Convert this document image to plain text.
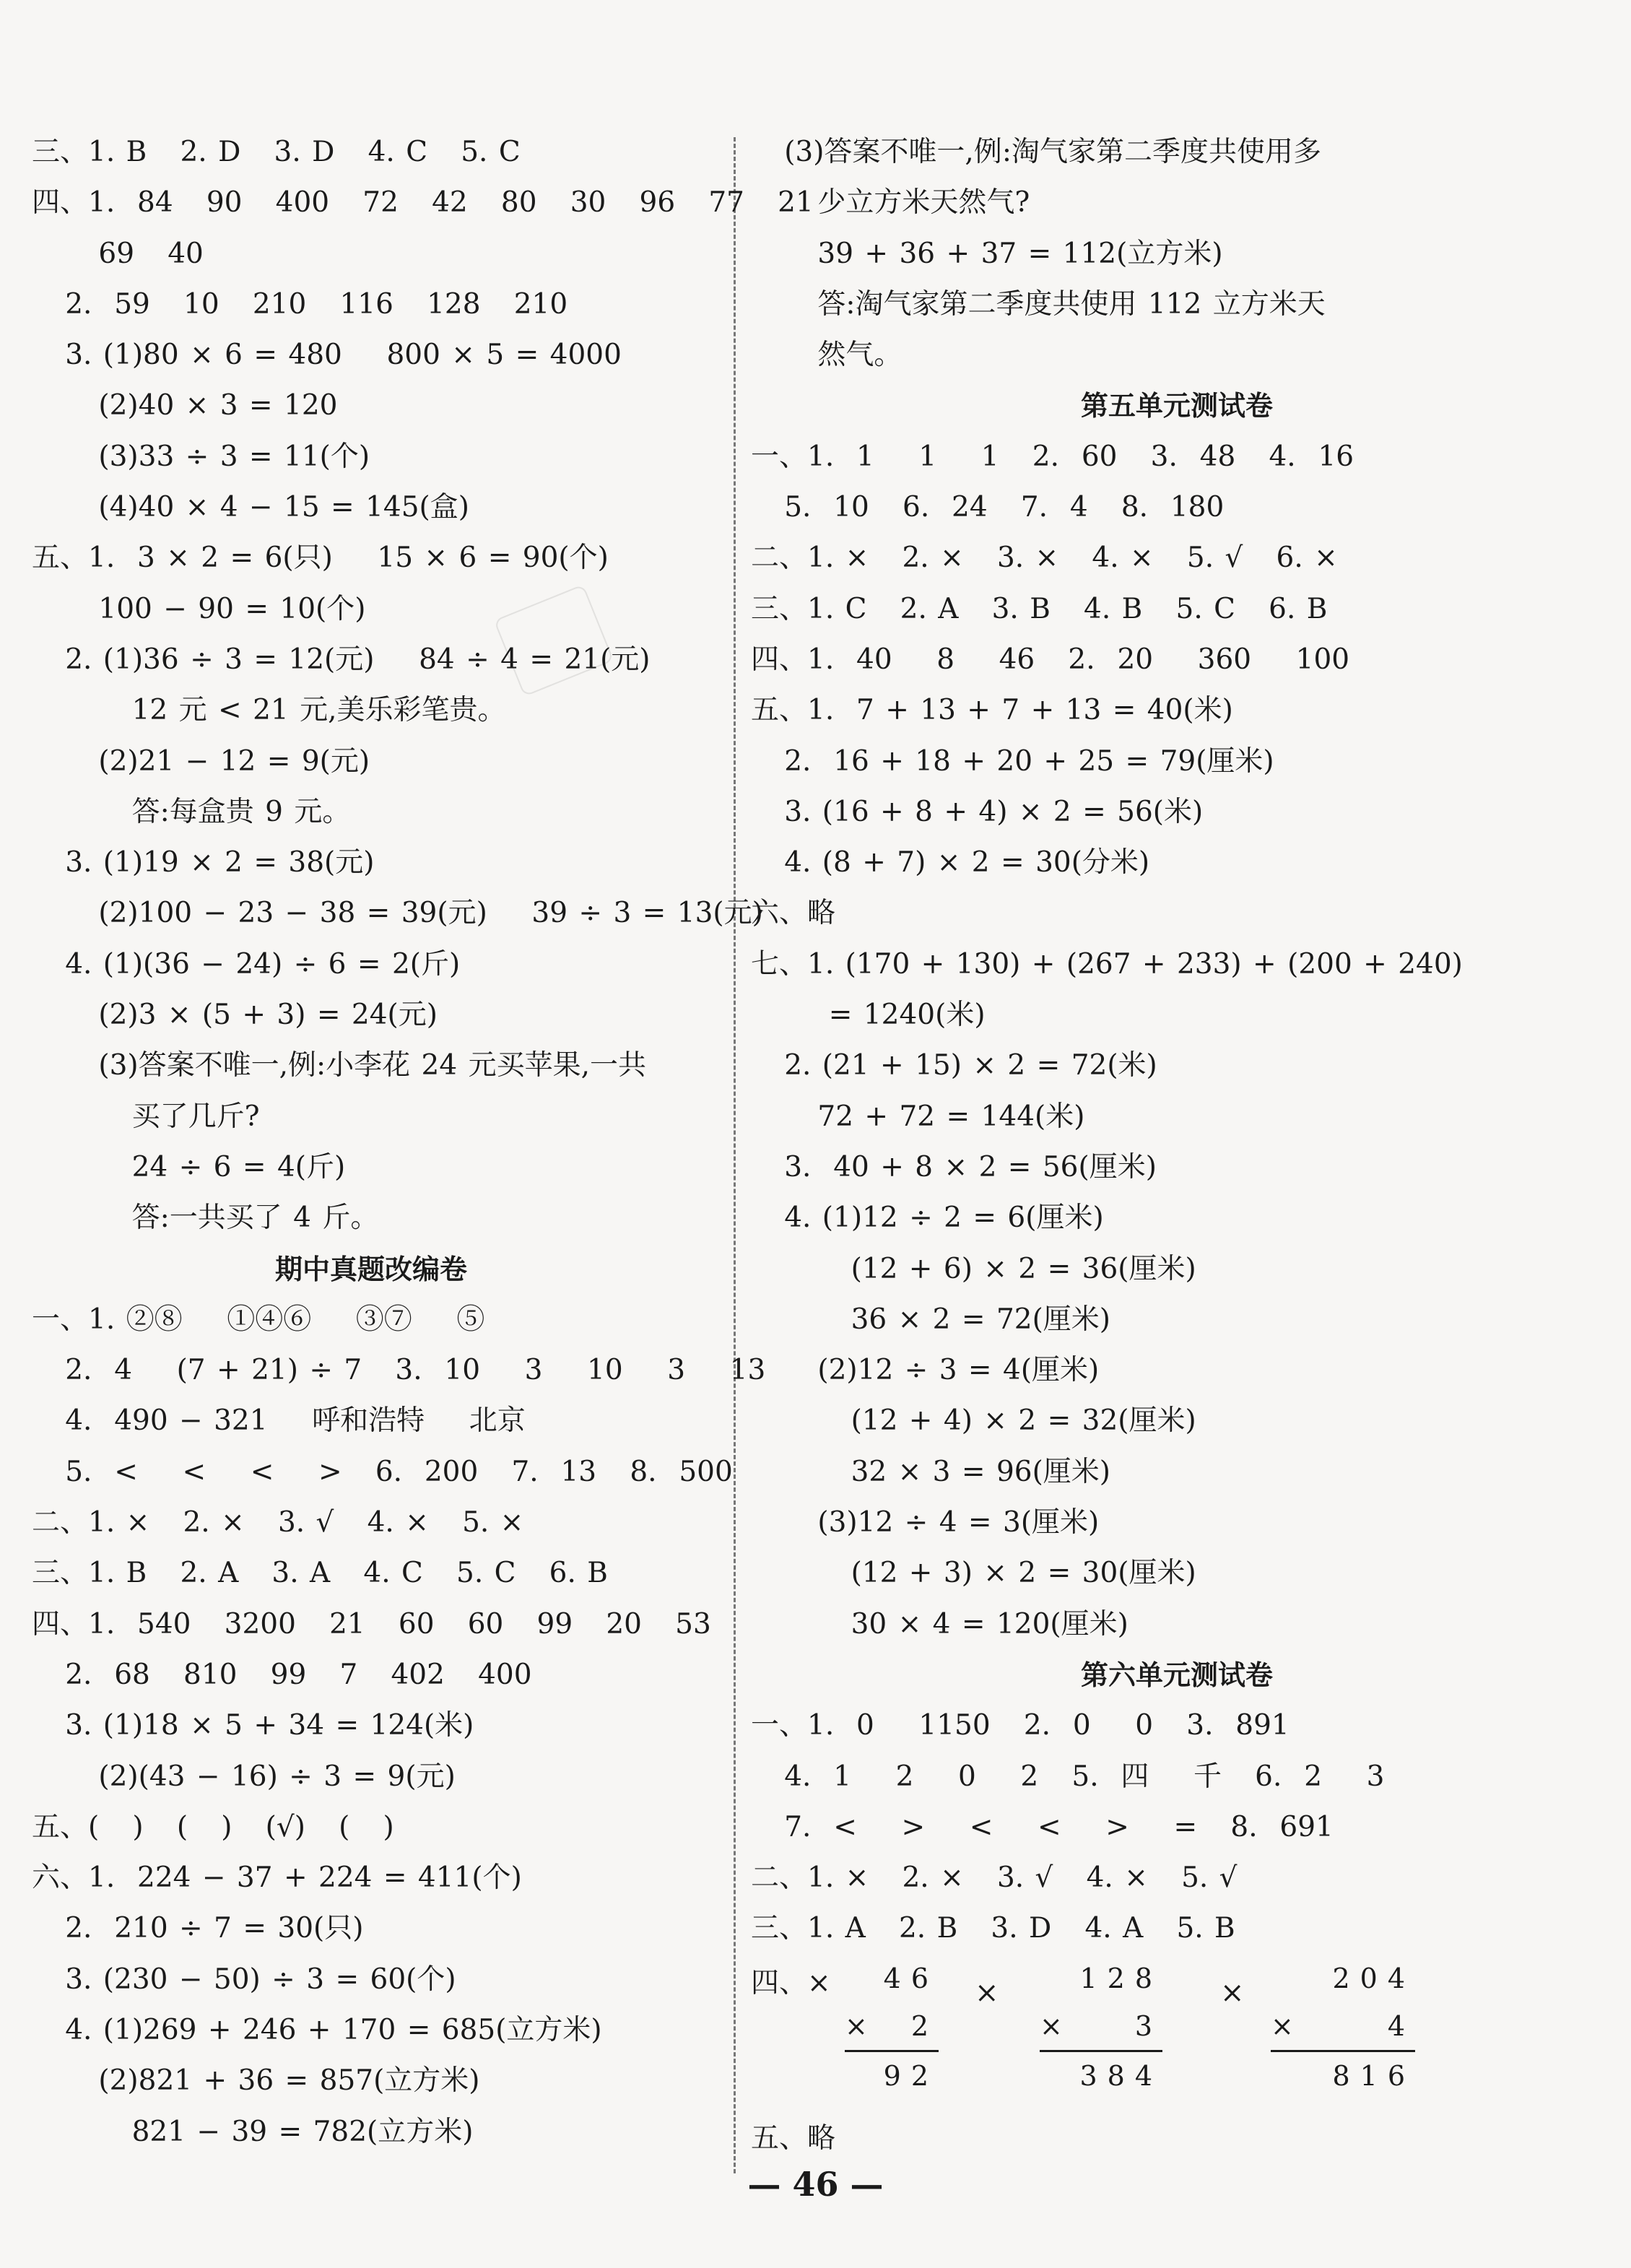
三、1. B   2. D   3. D   4. C   5. C
四、1.  84   90   400   72   42   80   30   96   77   21
69   40
2.  59   10   210   116   128   210
3. (1)80 × 6 = 480    800 × 5 = 4000
(2)40 × 3 = 120
(3)33 ÷ 3 = 11(个)
(4)40 × 4 − 15 = 145(盒)
五、1.  3 × 2 = 6(只)    15 × 6 = 90(个)
100 − 90 = 10(个)
2. (1)36 ÷ 3 = 12(元)    84 ÷ 4 = 21(元)
12 元 < 21 元,美乐彩笔贵。
(2)21 − 12 = 9(元)
答:每盒贵 9 元。
3. (1)19 × 2 = 38(元)
(2)100 − 23 − 38 = 39(元)    39 ÷ 3 = 13(元)
4. (1)(36 − 24) ÷ 6 = 2(斤)
(2)3 × (5 + 3) = 24(元)
(3)答案不唯一,例:小李花 24 元买苹果,一共
买了几斤?
24 ÷ 6 = 4(斤)
答:一共买了 4 斤。
期中真题改编卷
一、1. ②⑧    ①④⑥    ③⑦    ⑤
2.  4    (7 + 21) ÷ 7   3.  10    3    10    3    13
4.  490 − 321    呼和浩特    北京
5.  <    <    <    >   6.  200   7.  13   8.  500
二、1. ×   2. ×   3. √   4. ×   5. ×
三、1. B   2. A   3. A   4. C   5. C   6. B
四、1.  540   3200   21   60   60   99   20   53
2.  68   810   99   7   402   400
3. (1)18 × 5 + 34 = 124(米)
(2)(43 − 16) ÷ 3 = 9(元)
五、(   )   (   )   (√)   (   )
六、1.  224 − 37 + 224 = 411(个)
2.  210 ÷ 7 = 30(只)
3. (230 − 50) ÷ 3 = 60(个)
4. (1)269 + 246 + 170 = 685(立方米)
(2)821 + 36 = 857(立方米)
821 − 39 = 782(立方米)
(3)答案不唯一,例:淘气家第二季度共使用多
少立方米天然气?
39 + 36 + 37 = 112(立方米)
答:淘气家第二季度共使用 112 立方米天
然气。
第五单元测试卷
一、1.  1    1    1   2.  60   3.  48   4.  16
5.  10   6.  24   7.  4   8.  180
二、1. ×   2. ×   3. ×   4. ×   5. √   6. ×
三、1. C   2. A   3. B   4. B   5. C   6. B
四、1.  40    8    46   2.  20    360    100
五、1.  7 + 13 + 7 + 13 = 40(米)
2.  16 + 18 + 20 + 25 = 79(厘米)
3. (16 + 8 + 4) × 2 = 56(米)
4. (8 + 7) × 2 = 30(分米)
六、略
七、1. (170 + 130) + (267 + 233) + (200 + 240)
= 1240(米)
2. (21 + 15) × 2 = 72(米)
72 + 72 = 144(米)
3.  40 + 8 × 2 = 56(厘米)
4. (1)12 ÷ 2 = 6(厘米)
(12 + 6) × 2 = 36(厘米)
36 × 2 = 72(厘米)
(2)12 ÷ 3 = 4(厘米)
(12 + 4) × 2 = 32(厘米)
32 × 3 = 96(厘米)
(3)12 ÷ 4 = 3(厘米)
(12 + 3) × 2 = 30(厘米)
30 × 4 = 120(厘米)
第六单元测试卷
一、1.  0    1150   2.  0    0   3.  891
4.  1    2    0    2   5.  四    千   6.  2    3
7.  <    >    <    <    >    =   8.  691
二、1. ×   2. ×   3. √   4. ×   5. √
三、1. A   2. B   3. D   4. A   5. B
四、×	×	×
46
× 2
92
128
×	3
384
204
×	4
816
五、略
— 46 —
